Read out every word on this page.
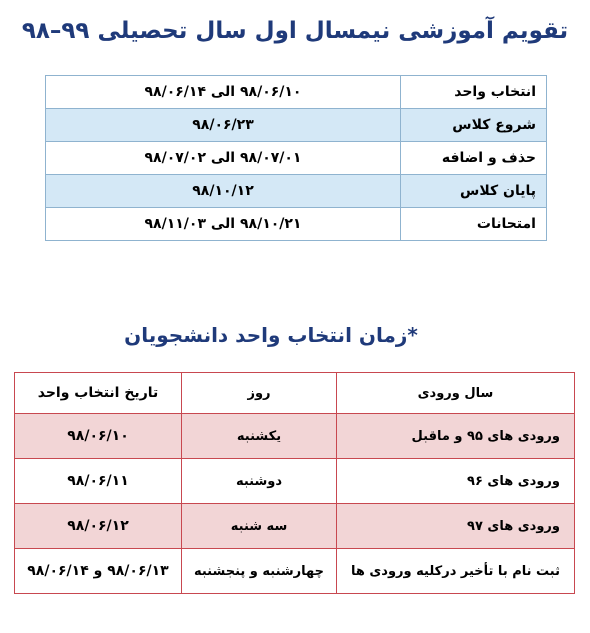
تقویم آموزشی نیمسال اول سال تحصیلی ۹۹–۹۸
انتخاب واحد	۹۸/۰۶/۱۰ الی ۹۸/۰۶/۱۴
شروع کلاس	۹۸/۰۶/۲۳
حذف و اضافه	۹۸/۰۷/۰۱ الی ۹۸/۰۷/۰۲
پایان کلاس	۹۸/۱۰/۱۲
امتحانات	۹۸/۱۰/۲۱ الی ۹۸/۱۱/۰۳
*زمان انتخاب واحد دانشجویان
سال ورودی	روز	تاریخ انتخاب واحد
ورودی های ۹۵ و ماقبل	یکشنبه	۹۸/۰۶/۱۰
ورودی های ۹۶	دوشنبه	۹۸/۰۶/۱۱
ورودی های ۹۷	سه شنبه	۹۸/۰۶/۱۲
ثبت نام با تأخیر درکلیه ورودی ها	چهارشنبه و پنجشنبه	۹۸/۰۶/۱۳ و ۹۸/۰۶/۱۴
